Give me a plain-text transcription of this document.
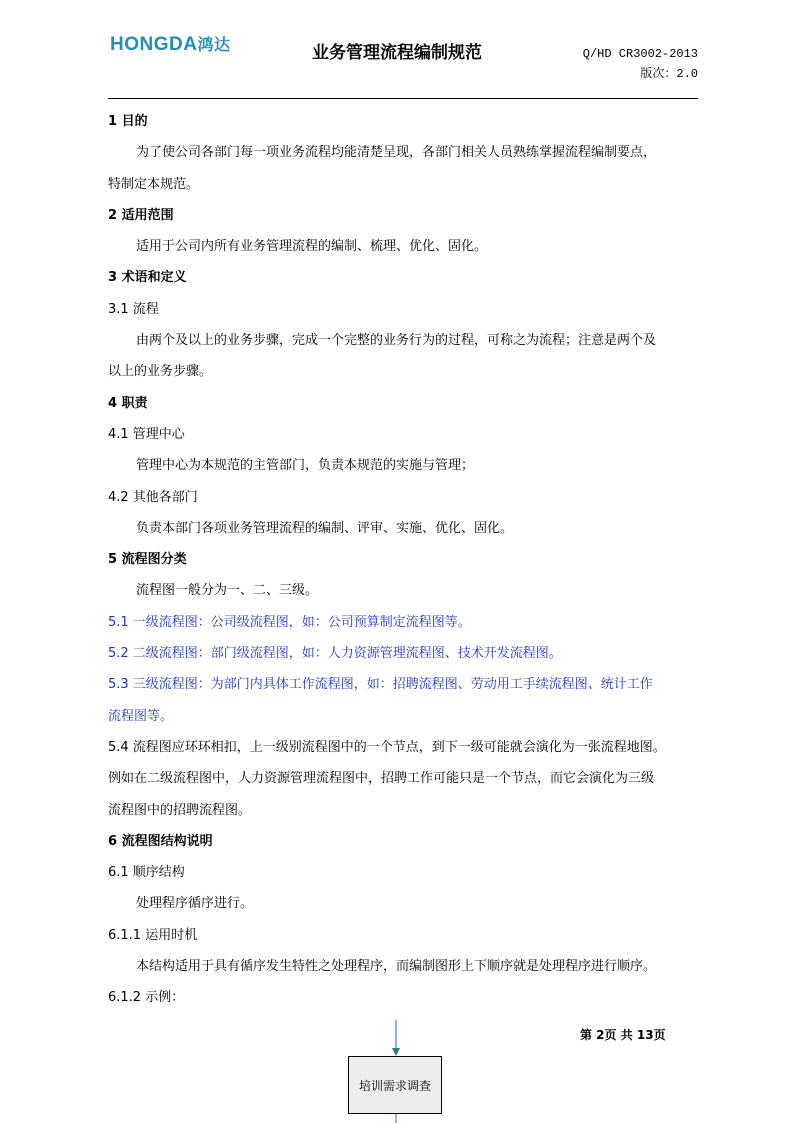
HONGDA鸿达	业务管理流程编制规范	Q/HD CR3002-2013
版次：2.0
1 目的
为了使公司各部门每一项业务流程均能清楚呈现，各部门相关人员熟练掌握流程编制要点，
特制定本规范。
2 适用范围
适用于公司内所有业务管理流程的编制、梳理、优化、固化。
3 术语和定义
3.1 流程
由两个及以上的业务步骤，完成一个完整的业务行为的过程，可称之为流程；注意是两个及
以上的业务步骤。
4 职责
4.1 管理中心
管理中心为本规范的主管部门，负责本规范的实施与管理；
4.2 其他各部门
负责本部门各项业务管理流程的编制、评审、实施、优化、固化。
5 流程图分类
流程图一般分为一、二、三级。
5.1 一级流程图：公司级流程图，如：公司预算制定流程图等。
5.2 二级流程图：部门级流程图，如：人力资源管理流程图、技术开发流程图。
5.3 三级流程图：为部门内具体工作流程图，如：招聘流程图、劳动用工手续流程图、统计工作
流程图等。
5.4 流程图应环环相扣，上一级别流程图中的一个节点，到下一级可能就会演化为一张流程地图。
例如在二级流程图中，人力资源管理流程图中，招聘工作可能只是一个节点，而它会演化为三级
流程图中的招聘流程图。
6 流程图结构说明
6.1 顺序结构
处理程序循序进行。
6.1.1 运用时机
本结构适用于具有循序发生特性之处理程序，而编制图形上下顺序就是处理程序进行顺序。
6.1.2 示例：
第 2页 共 13页
培训需求调查
